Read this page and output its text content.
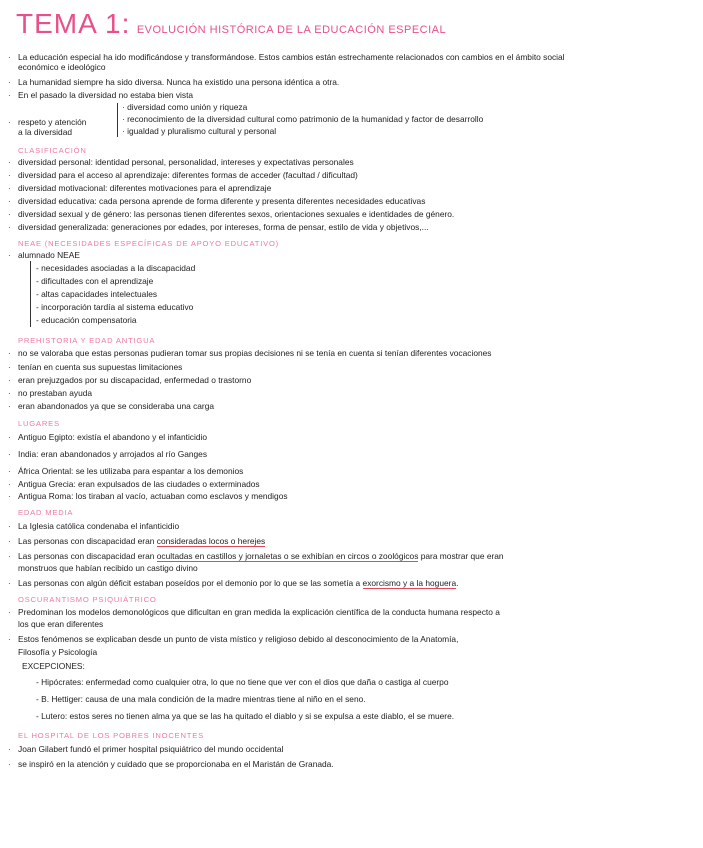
TEMA 1: EVOLUCIÓN HISTÓRICA DE LA EDUCACIÓN ESPECIAL
· La educación especial ha ido modificándose y transformándose. Estos cambios están estrechamente relacionados con cambios en el ámbito social
económico e ideológico
· La humanidad siempre ha sido diversa. Nunca ha existido una persona idéntica a otra.
· En el pasado la diversidad no estaba bien vista
· respeto y atención
a la diversidad
· diversidad como unión y riqueza
· reconocimiento de la diversidad cultural como patrimonio de la humanidad y factor de desarrollo
· igualdad y pluralismo cultural y personal
CLASIFICACIÓN
· diversidad personal: identidad personal, personalidad, intereses y expectativas personales
· diversidad para el acceso al aprendizaje: diferentes formas de acceder (facultad / dificultad)
· diversidad motivacional: diferentes motivaciones para el aprendizaje
· diversidad educativa: cada persona aprende de forma diferente y presenta diferentes necesidades educativas
· diversidad sexual y de género: las personas tienen diferentes sexos, orientaciones sexuales e identidades de género.
· diversidad generalizada: generaciones por edades, por intereses, forma de pensar, estilo de vida y objetivos,...
NEAE (NECESIDADES ESPECÍFICAS DE APOYO EDUCATIVO)
· alumnado NEAE
- necesidades asociadas a la discapacidad
- dificultades con el aprendizaje
- altas capacidades intelectuales
- incorporación tardía al sistema educativo
- educación compensatoria
PREHISTORIA Y EDAD ANTIGUA
· no se valoraba que estas personas pudieran tomar sus propias decisiones ni se tenía en cuenta si tenían diferentes vocaciones
· tenían en cuenta sus supuestas limitaciones
· eran prejuzgados por su discapacidad, enfermedad o trastorno
· no prestaban ayuda
· eran abandonados ya que se consideraba una carga
LUGARES
· Antiguo Egipto: existía el abandono y el infanticidio
· India: eran abandonados y arrojados al río Ganges
· África Oriental: se les utilizaba para espantar a los demonios
· Antigua Grecia: eran expulsados de las ciudades o exterminados
· Antigua Roma: los tiraban al vacío, actuaban como esclavos y mendigos
EDAD MEDIA
· La Iglesia católica condenaba el infanticidio
· Las personas con discapacidad eran consideradas locos o herejes
· Las personas con discapacidad eran ocultadas en castillos y jornaletas o se exhibían en circos o zoológicos para mostrar que eran
monstruos que habían recibido un castigo divino
· Las personas con algún déficit estaban poseídos por el demonio por lo que se las sometía a exorcismo y a la hoguera.
OSCURANTISMO PSIQUIÁTRICO
· Predominan los modelos demonológicos que dificultan en gran medida la explicación científica de la conducta humana respecto a
los que eran diferentes
· Estos fenómenos se explicaban desde un punto de vista místico y religioso debido al desconocimiento de la Anatomía,
Filosofía y Psicología
EXCEPCIONES:
- Hipócrates: enfermedad como cualquier otra, lo que no tiene que ver con el dios que daña o castiga al cuerpo
- B. Hettiger: causa de una mala condición de la madre mientras tiene al niño en el seno.
- Lutero: estos seres no tienen alma ya que se las ha quitado el diablo y si se expulsa a este diablo, el se muere.
EL HOSPITAL DE LOS POBRES INOCENTES
· Joan Gilabert fundó el primer hospital psiquiátrico del mundo occidental
· se inspiró en la atención y cuidado que se proporcionaba en el Maristán de Granada.
